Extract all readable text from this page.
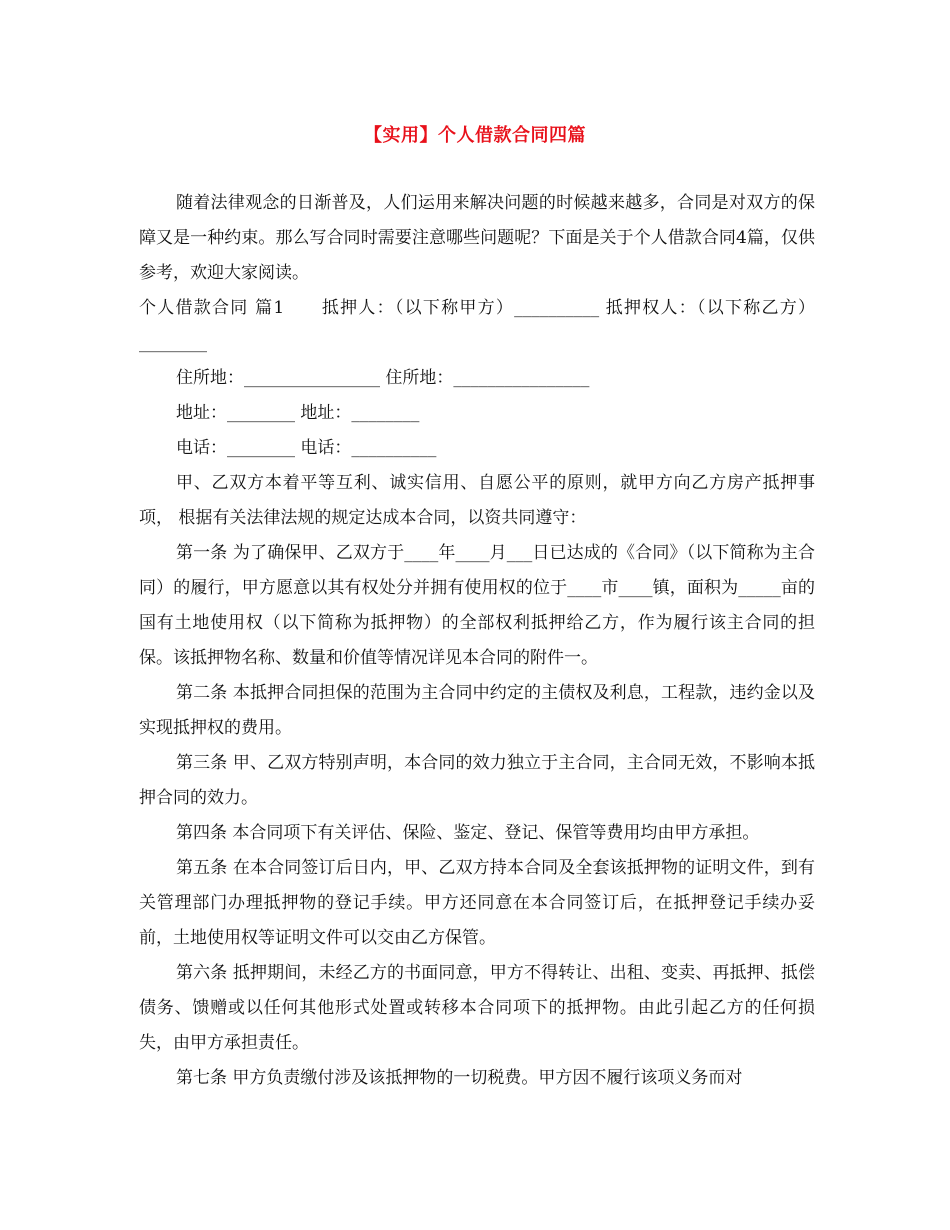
【实用】个人借款合同四篇

随着法律观念的日渐普及，人们运用来解决问题的时候越来越多，合同是对双方的保障又是一种约束。那么写合同时需要注意哪些问题呢？下面是关于个人借款合同4篇，仅供参考，欢迎大家阅读。

个人借款合同 篇1　　抵押人：（以下称甲方）__________ 抵押权人：（以下称乙方）________

住所地：________________ 住所地：________________

地址：________ 地址：________

电话：________ 电话：__________

甲、乙双方本着平等互利、诚实信用、自愿公平的原则，就甲方向乙方房产抵押事项， 根据有关法律法规的规定达成本合同，以资共同遵守：

第一条 为了确保甲、乙双方于____年____月___日已达成的《合同》（以下简称为主合同）的履行，甲方愿意以其有权处分并拥有使用权的位于____市____镇，面积为_____亩的国有土地使用权（以下简称为抵押物）的全部权利抵押给乙方，作为履行该主合同的担保。该抵押物名称、数量和价值等情况详见本合同的附件一。

第二条 本抵押合同担保的范围为主合同中约定的主债权及利息，工程款，违约金以及实现抵押权的费用。

第三条 甲、乙双方特别声明，本合同的效力独立于主合同，主合同无效，不影响本抵押合同的效力。

第四条 本合同项下有关评估、保险、鉴定、登记、保管等费用均由甲方承担。

第五条 在本合同签订后日内，甲、乙双方持本合同及全套该抵押物的证明文件，到有关管理部门办理抵押物的登记手续。甲方还同意在本合同签订后，在抵押登记手续办妥前，土地使用权等证明文件可以交由乙方保管。

第六条 抵押期间，未经乙方的书面同意，甲方不得转让、出租、变卖、再抵押、抵偿债务、馈赠或以任何其他形式处置或转移本合同项下的抵押物。由此引起乙方的任何损失，由甲方承担责任。

第七条 甲方负责缴付涉及该抵押物的一切税费。甲方因不履行该项义务而对
